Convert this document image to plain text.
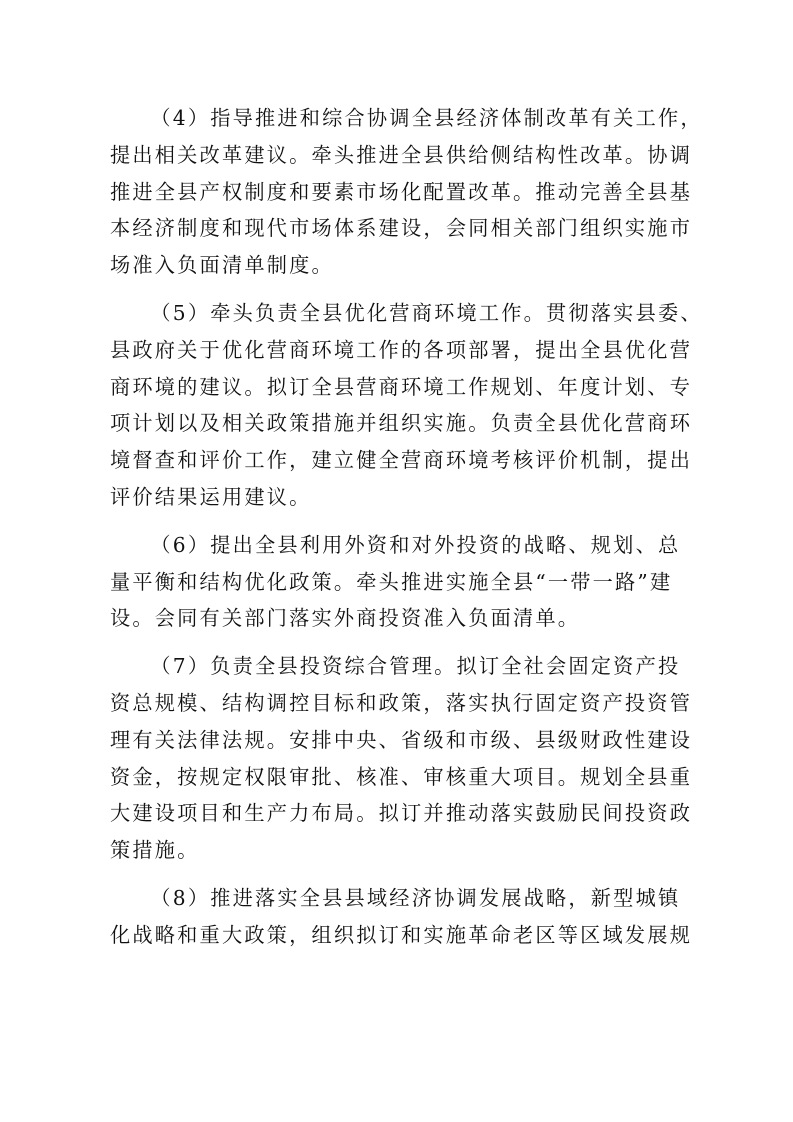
（4）指导推进和综合协调全县经济体制改革有关工作，
提出相关改革建议。牵头推进全县供给侧结构性改革。协调
推进全县产权制度和要素市场化配置改革。推动完善全县基
本经济制度和现代市场体系建设，会同相关部门组织实施市
场准入负面清单制度。

（5）牵头负责全县优化营商环境工作。贯彻落实县委、
县政府关于优化营商环境工作的各项部署，提出全县优化营
商环境的建议。拟订全县营商环境工作规划、年度计划、专
项计划以及相关政策措施并组织实施。负责全县优化营商环
境督查和评价工作，建立健全营商环境考核评价机制，提出
评价结果运用建议。

（6）提出全县利用外资和对外投资的战略、规划、总
量平衡和结构优化政策。牵头推进实施全县“一带一路”建
设。会同有关部门落实外商投资准入负面清单。

（7）负责全县投资综合管理。拟订全社会固定资产投
资总规模、结构调控目标和政策，落实执行固定资产投资管
理有关法律法规。安排中央、省级和市级、县级财政性建设
资金，按规定权限审批、核准、审核重大项目。规划全县重
大建设项目和生产力布局。拟订并推动落实鼓励民间投资政
策措施。

（8）推进落实全县县域经济协调发展战略，新型城镇
化战略和重大政策，组织拟订和实施革命老区等区域发展规
